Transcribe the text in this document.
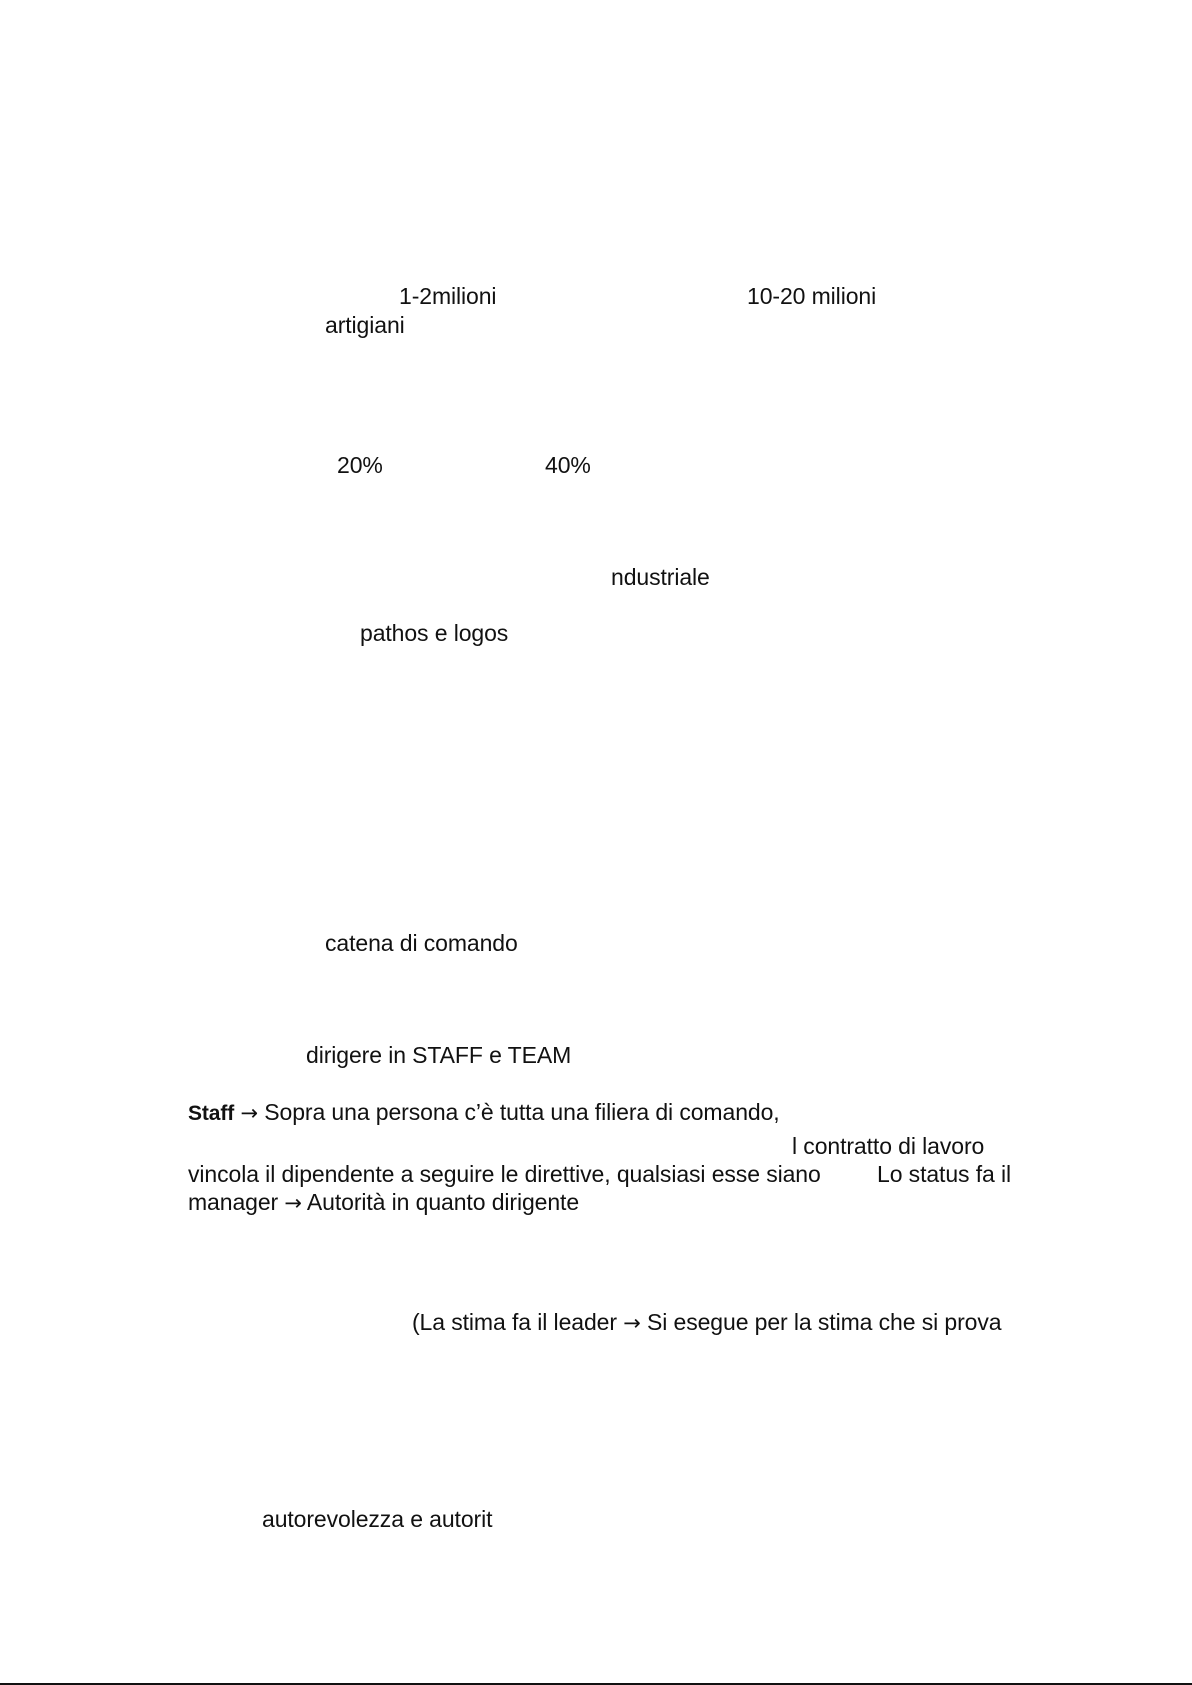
1-2milioni	10-20 milioni
artigiani
20%	40%
ndustriale
pathos e logos
catena di comando
dirigere in STAFF e TEAM
Staff → Sopra una persona c’è tutta una filiera di comando,
l contratto di lavoro
vincola il dipendente a seguire le direttive, qualsiasi esse siano Lo status fa il
manager → Autorità in quanto dirigente
(La stima fa il leader → Si esegue per la stima che si prova
autorevolezza e autorit
